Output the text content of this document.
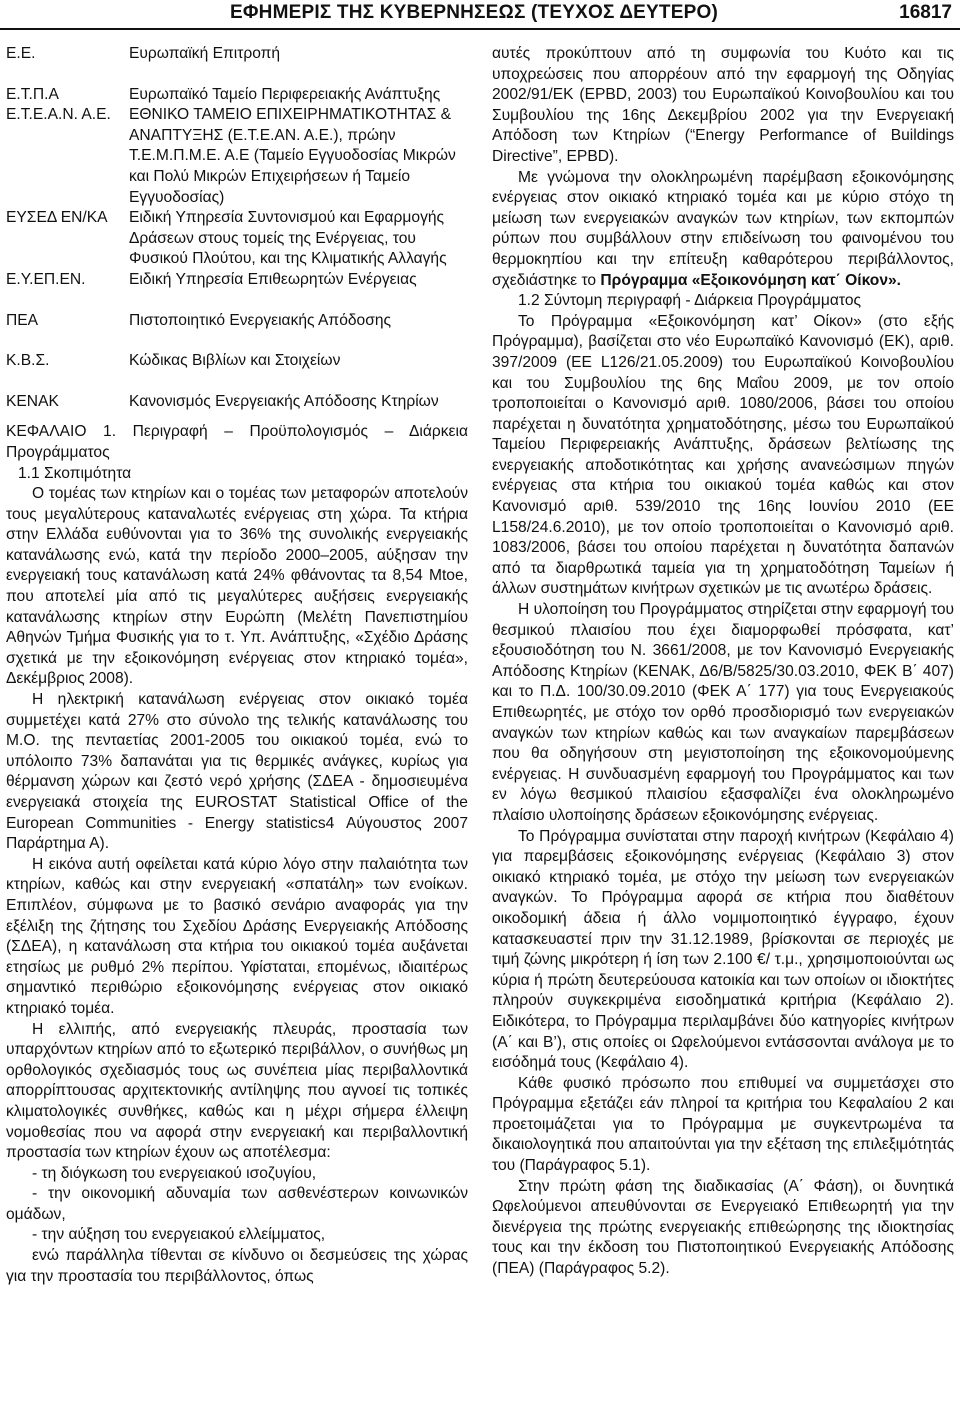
ΕΦΗΜΕΡΙΣ ΤΗΣ ΚΥΒΕΡΝΗΣΕΩΣ (ΤΕΥΧΟΣ ΔΕΥΤΕΡΟ)	16817
Ε.Ε.	Ευρωπαϊκή Επιτροπή
Ε.Τ.Π.Α	Ευρωπαϊκό Ταμείο Περιφερειακής Ανάπτυξης
Ε.Τ.Ε.Α.Ν. Α.Ε.	ΕΘΝΙΚΟ ΤΑΜΕΙΟ ΕΠΙΧΕΙΡΗΜΑΤΙΚΟΤΗΤΑΣ & ΑΝΑΠΤΥΞΗΣ (Ε.Τ.Ε.ΑΝ. Α.Ε.), πρώην Τ.Ε.Μ.Π.Μ.Ε. Α.Ε (Ταμείο Εγγυοδοσίας Μικρών και Πολύ Μικρών Επιχειρήσεων ή Ταμείο Εγγυοδοσίας)
ΕΥΣΕΔ ΕΝ/ΚΑ	Ειδική Υπηρεσία Συντονισμού και Εφαρμογής Δράσεων στους τομείς της Ενέργειας, του Φυσικού Πλούτου, και της Κλιματικής Αλλαγής
Ε.Υ.ΕΠ.ΕΝ.	Ειδική Υπηρεσία Επιθεωρητών Ενέργειας
ΠΕΑ	Πιστοποιητικό Ενεργειακής Απόδοσης
Κ.Β.Σ.	Κώδικας Βιβλίων και Στοιχείων
ΚΕΝΑΚ	Κανονισμός Ενεργειακής Απόδοσης Κτηρίων

ΚΕΦΑΛΑΙΟ 1. Περιγραφή – Προϋπολογισμός – Διάρκεια Προγράμματος

1.1 Σκοπιμότητα

Ο τομέας των κτηρίων και ο τομέας των μεταφορών αποτελούν τους μεγαλύτερους καταναλωτές ενέργειας στη χώρα. Τα κτήρια στην Ελλάδα ευθύνονται για το 36% της συνολικής ενεργειακής κατανάλωσης ενώ, κατά την περίοδο 2000–2005, αύξησαν την ενεργειακή τους κατανάλωση κατά 24% φθάνοντας τα 8,54 Mtoe, που αποτελεί μία από τις μεγαλύτερες αυξήσεις ενεργειακής κατανάλωσης κτηρίων στην Ευρώπη (Μελέτη Πανεπιστημίου Αθηνών Τμήμα Φυσικής για το τ. Υπ. Ανάπτυξης, «Σχέδιο Δράσης σχετικά με την εξοικονόμηση ενέργειας στον κτηριακό τομέα», Δεκέμβριος 2008).

Η ηλεκτρική κατανάλωση ενέργειας στον οικιακό τομέα συμμετέχει κατά 27% στο σύνολο της τελικής κατανάλωσης του Μ.Ο. της πενταετίας 2001-2005 του οικιακού τομέα, ενώ το υπόλοιπο 73% δαπανάται για τις θερμικές ανάγκες, κυρίως για θέρμανση χώρων και ζεστό νερό χρήσης (ΣΔΕΑ - δημοσιευμένα ενεργειακά στοιχεία της EUROSTAT Statistical Office of the European Communities - Energy statistics4 Αύγουστος 2007 Παράρτημα Α).

Η εικόνα αυτή οφείλεται κατά κύριο λόγο στην παλαιότητα των κτηρίων, καθώς και στην ενεργειακή «σπατάλη» των ενοίκων. Επιπλέον, σύμφωνα με το βασικό σενάριο αναφοράς για την εξέλιξη της ζήτησης του Σχεδίου Δράσης Ενεργειακής Απόδοσης (ΣΔΕΑ), η κατανάλωση στα κτήρια του οικιακού τομέα αυξάνεται ετησίως με ρυθμό 2% περίπου. Υφίσταται, επομένως, ιδιαιτέρως σημαντικό περιθώριο εξοικονόμησης ενέργειας στον οικιακό κτηριακό τομέα.

Η ελλιπής, από ενεργειακής πλευράς, προστασία των υπαρχόντων κτηρίων από το εξωτερικό περιβάλλον, ο συνήθως μη ορθολογικός σχεδιασμός τους ως συνέπεια μίας περιβαλλοντικά απορρίπτουσας αρχιτεκτονικής αντίληψης που αγνοεί τις τοπικές κλιματολογικές συνθήκες, καθώς και η μέχρι σήμερα έλλειψη νομοθεσίας που να αφορά στην ενεργειακή και περιβαλλοντική προστασία των κτηρίων έχουν ως αποτέλεσμα:

- τη διόγκωση του ενεργειακού ισοζυγίου,

- την οικονομική αδυναμία των ασθενέστερων κοινωνικών ομάδων,

- την αύξηση του ενεργειακού ελλείμματος,

ενώ παράλληλα τίθενται σε κίνδυνο οι δεσμεύσεις της χώρας για την προστασία του περιβάλλοντος, όπως

αυτές προκύπτουν από τη συμφωνία του Κυότο και τις υποχρεώσεις που απορρέουν από την εφαρμογή της Οδηγίας 2002/91/ΕΚ (EPBD, 2003) του Ευρωπαϊκού Κοινοβουλίου και του Συμβουλίου της 16ης Δεκεμβρίου 2002 για την Ενεργειακή Απόδοση των Κτηρίων (“Energy Performance of Buildings Directive”, EPBD).

Με γνώμονα την ολοκληρωμένη παρέμβαση εξοικονόμησης ενέργειας στον οικιακό κτηριακό τομέα και με κύριο στόχο τη μείωση των ενεργειακών αναγκών των κτηρίων, των εκπομπών ρύπων που συμβάλλουν στην επιδείνωση του φαινομένου του θερμοκηπίου και την επίτευξη καθαρότερου περιβάλλοντος, σχεδιάστηκε το Πρόγραμμα «Εξοικονόμηση κατ΄ Οίκον».

1.2 Σύντομη περιγραφή - Διάρκεια Προγράμματος

Το Πρόγραμμα «Εξοικονόμηση κατ’ Οίκον» (στο εξής Πρόγραμμα), βασίζεται στο νέο Ευρωπαϊκό Κανονισμό (ΕΚ), αριθ. 397/2009 (ΕΕ L126/21.05.2009) του Ευρωπαϊκού Κοινοβουλίου και του Συμβουλίου της 6ης Μαΐου 2009, με τον οποίο τροποποιείται ο Κανονισμό αριθ. 1080/2006, βάσει του οποίου παρέχεται η δυνατότητα χρηματοδότησης, μέσω του Ευρωπαϊκού Ταμείου Περιφερειακής Ανάπτυξης, δράσεων βελτίωσης της ενεργειακής αποδοτικότητας και χρήσης ανανεώσιμων πηγών ενέργειας στα κτήρια του οικιακού τομέα καθώς και στον Κανονισμό αριθ. 539/2010 της 16ης Ιουνίου 2010 (ΕΕ L158/24.6.2010), με τον οποίο τροποποιείται ο Κανονισμό αριθ. 1083/2006, βάσει του οποίου παρέχεται η δυνατότητα δαπανών από τα διαρθρωτικά ταμεία για τη χρηματοδότηση Ταμείων ή άλλων συστημάτων κινήτρων σχετικών με τις ανωτέρω δράσεις.

Η υλοποίηση του Προγράμματος στηρίζεται στην εφαρμογή του θεσμικού πλαισίου που έχει διαμορφωθεί πρόσφατα, κατ’ εξουσιοδότηση του Ν. 3661/2008, με τον Κανονισμό Ενεργειακής Απόδοσης Κτηρίων (ΚΕΝΑΚ, Δ6/Β/5825/30.03.2010, ΦΕΚ Β΄ 407) και το Π.Δ. 100/30.09.2010 (ΦΕΚ Α΄ 177) για τους Ενεργειακούς Επιθεωρητές, με στόχο τον ορθό προσδιορισμό των ενεργειακών αναγκών των κτηρίων καθώς και των αναγκαίων παρεμβάσεων που θα οδηγήσουν στη μεγιστοποίηση της εξοικονομούμενης ενέργειας. Η συνδυασμένη εφαρμογή του Προγράμματος και των εν λόγω θεσμικού πλαισίου εξασφαλίζει ένα ολοκληρωμένο πλαίσιο υλοποίησης δράσεων εξοικονόμησης ενέργειας.

Το Πρόγραμμα συνίσταται στην παροχή κινήτρων (Κεφάλαιο 4) για παρεμβάσεις εξοικονόμησης ενέργειας (Κεφάλαιο 3) στον οικιακό κτηριακό τομέα, με στόχο την μείωση των ενεργειακών αναγκών. Το Πρόγραμμα αφορά σε κτήρια που διαθέτουν οικοδομική άδεια ή άλλο νομιμοποιητικό έγγραφο, έχουν κατασκευαστεί πριν την 31.12.1989, βρίσκονται σε περιοχές με τιμή ζώνης μικρότερη ή ίση των 2.100 €/ τ.μ., χρησιμοποιούνται ως κύρια ή πρώτη δευτερεύουσα κατοικία και των οποίων οι ιδιοκτήτες πληρούν συγκεκριμένα εισοδηματικά κριτήρια (Κεφάλαιο 2). Ειδικότερα, το Πρόγραμμα περιλαμβάνει δύο κατηγορίες κινήτρων (Α΄ και Β’), στις οποίες οι Ωφελούμενοι εντάσσονται ανάλογα με το εισόδημά τους (Κεφάλαιο 4).

Κάθε φυσικό πρόσωπο που επιθυμεί να συμμετάσχει στο Πρόγραμμα εξετάζει εάν πληροί τα κριτήρια του Κεφαλαίου 2 και προετοιμάζεται για το Πρόγραμμα με συγκεντρωμένα τα δικαιολογητικά που απαιτούνται για την εξέταση της επιλεξιμότητάς του (Παράγραφος 5.1).

Στην πρώτη φάση της διαδικασίας (Α΄ Φάση), οι δυνητικά Ωφελούμενοι απευθύνονται σε Ενεργειακό Επιθεωρητή για την διενέργεια της πρώτης ενεργειακής επιθεώρησης της ιδιοκτησίας τους και την έκδοση του Πιστοποιητικού Ενεργειακής Απόδοσης (ΠΕΑ) (Παράγραφος 5.2).
